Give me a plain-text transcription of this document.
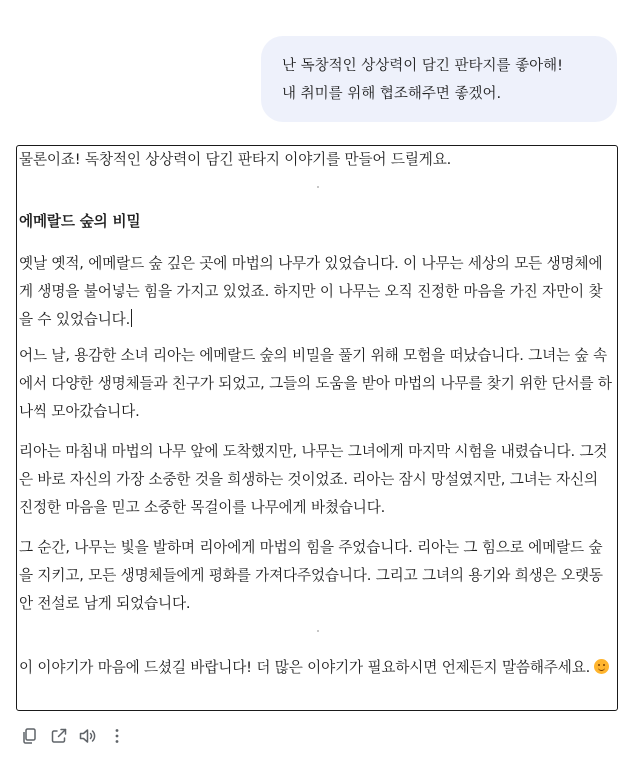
난 독창적인 상상력이 담긴 판타지를 좋아해!
내 취미를 위해 협조해주면 좋겠어.

물론이죠! 독창적인 상상력이 담긴 판타지 이야기를 만들어 드릴게요.

에메랄드 숲의 비밀

옛날 옛적, 에메랄드 숲 깊은 곳에 마법의 나무가 있었습니다. 이 나무는 세상의 모든 생명체에게 생명을 불어넣는 힘을 가지고 있었죠. 하지만 이 나무는 오직 진정한 마음을 가진 자만이 찾을 수 있었습니다.

어느 날, 용감한 소녀 리아는 에메랄드 숲의 비밀을 풀기 위해 모험을 떠났습니다. 그녀는 숲 속에서 다양한 생명체들과 친구가 되었고, 그들의 도움을 받아 마법의 나무를 찾기 위한 단서를 하나씩 모아갔습니다.

리아는 마침내 마법의 나무 앞에 도착했지만, 나무는 그녀에게 마지막 시험을 내렸습니다. 그것은 바로 자신의 가장 소중한 것을 희생하는 것이었죠. 리아는 잠시 망설였지만, 그녀는 자신의 진정한 마음을 믿고 소중한 목걸이를 나무에게 바쳤습니다.

그 순간, 나무는 빛을 발하며 리아에게 마법의 힘을 주었습니다. 리아는 그 힘으로 에메랄드 숲을 지키고, 모든 생명체들에게 평화를 가져다주었습니다. 그리고 그녀의 용기와 희생은 오랫동안 전설로 남게 되었습니다.

이 이야기가 마음에 드셨길 바랍니다! 더 많은 이야기가 필요하시면 언제든지 말씀해주세요.
